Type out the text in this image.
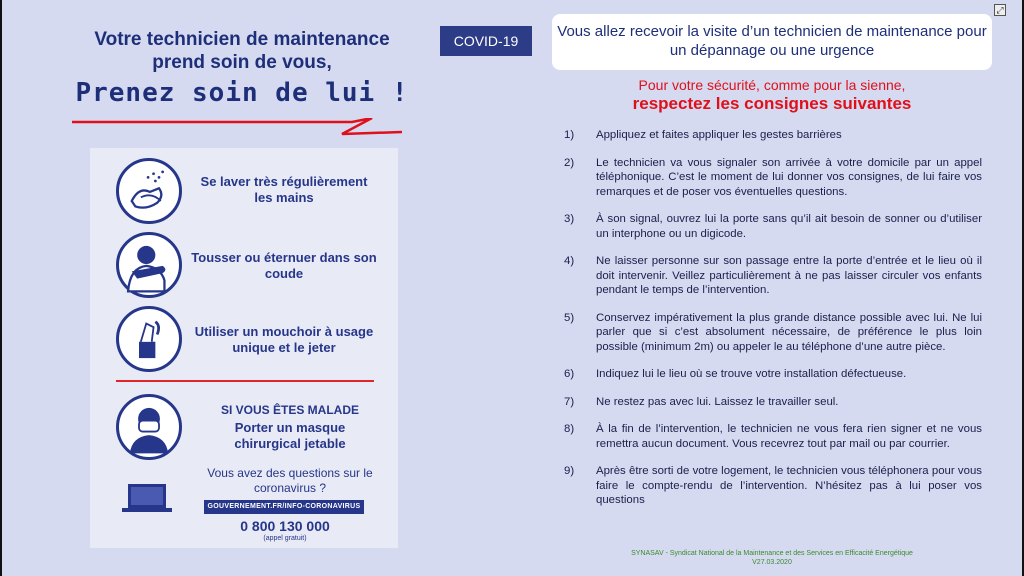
⤢
Votre technicien de maintenance
prend soin de vous,
Prenez soin de lui !
Se laver très régulièrement les mains
Tousser ou éternuer dans son coude
Utiliser un mouchoir à usage unique et le jeter
SI VOUS ÊTES MALADE
Porter un masque chirurgical jetable
Vous avez des questions sur le coronavirus ?
GOUVERNEMENT.FR/INFO-CORONAVIRUS
0 800 130 000
(appel gratuit)
COVID-19
Vous allez recevoir la visite d’un technicien de maintenance pour un dépannage ou une urgence
Pour votre sécurité, comme pour la sienne,
respectez les consignes suivantes
1) Appliquez et faites appliquer les gestes barrières
2) Le technicien va vous signaler son arrivée à votre domicile par un appel téléphonique. C’est le moment de lui donner vos consignes, de lui faire vos remarques et de poser vos éventuelles questions.
3) À son signal, ouvrez lui la porte sans qu’il ait besoin de sonner ou d’utiliser un interphone ou un digicode.
4) Ne laisser personne sur son passage entre la porte d’entrée et le lieu où il doit intervenir. Veillez particulièrement à ne pas laisser circuler vos enfants pendant le temps de l’intervention.
5) Conservez impérativement la plus grande distance possible avec lui. Ne lui parler que si c’est absolument nécessaire, de préférence le plus loin possible (minimum 2m) ou appeler le au téléphone d’une autre pièce.
6) Indiquez lui le lieu où se trouve votre installation défectueuse.
7) Ne restez pas avec lui. Laissez le travailler seul.
8) À la fin de l’intervention, le technicien ne vous fera rien signer et ne vous remettra aucun document. Vous recevrez tout par mail ou par courrier.
9) Après être sorti de votre logement, le technicien vous téléphonera pour vous faire le compte-rendu de l’intervention. N’hésitez pas à lui poser vos questions
SYNASAV - Syndicat National de la Maintenance et des Services en Efficacité Energétique
V27.03.2020
